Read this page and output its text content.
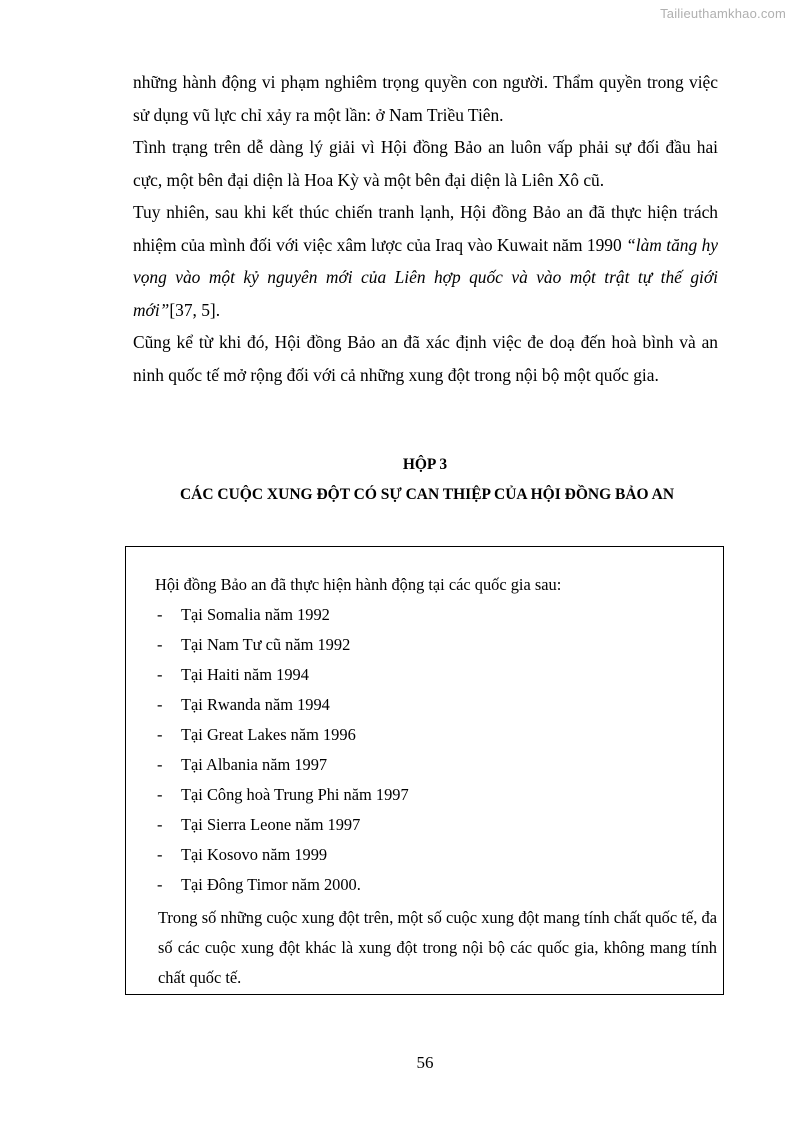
Tailieuthamkhao.com

những hành động vi phạm nghiêm trọng quyền con người. Thẩm quyền trong việc sử dụng vũ lực chỉ xảy ra một lần: ở Nam Triều Tiên.

Tình trạng trên dễ dàng lý giải vì Hội đồng Bảo an luôn vấp phải sự đối đầu hai cực, một bên đại diện là Hoa Kỳ và một bên đại diện là Liên Xô cũ.

Tuy nhiên, sau khi kết thúc chiến tranh lạnh, Hội đồng Bảo an đã thực hiện trách nhiệm của mình đối với việc xâm lược của Iraq vào Kuwait năm 1990 “làm tăng hy vọng vào một kỷ nguyên mới của Liên hợp quốc và vào một trật tự thế giới mới”[37, 5].

Cũng kể từ khi đó, Hội đồng Bảo an đã xác định việc đe doạ đến hoà bình và an ninh quốc tế mở rộng đối với cả những xung đột trong nội bộ một quốc gia.

HỘP 3
CÁC CUỘC XUNG ĐỘT CÓ SỰ CAN THIỆP CỦA HỘI ĐỒNG BẢO AN
Hội đồng Bảo an đã thực hiện hành động tại các quốc gia sau:
- Tại Somalia năm 1992
- Tại Nam Tư cũ năm 1992
- Tại Haiti năm 1994
- Tại Rwanda năm 1994
- Tại Great Lakes năm 1996
- Tại Albania năm 1997
- Tại Công hoà Trung Phi năm 1997
- Tại Sierra Leone năm 1997
- Tại Kosovo năm 1999
- Tại Đông Timor năm 2000.
Trong số những cuộc xung đột trên, một số cuộc xung đột mang tính chất quốc tế, đa số các cuộc xung đột khác là xung đột trong nội bộ các quốc gia, không mang tính chất quốc tế.
56
